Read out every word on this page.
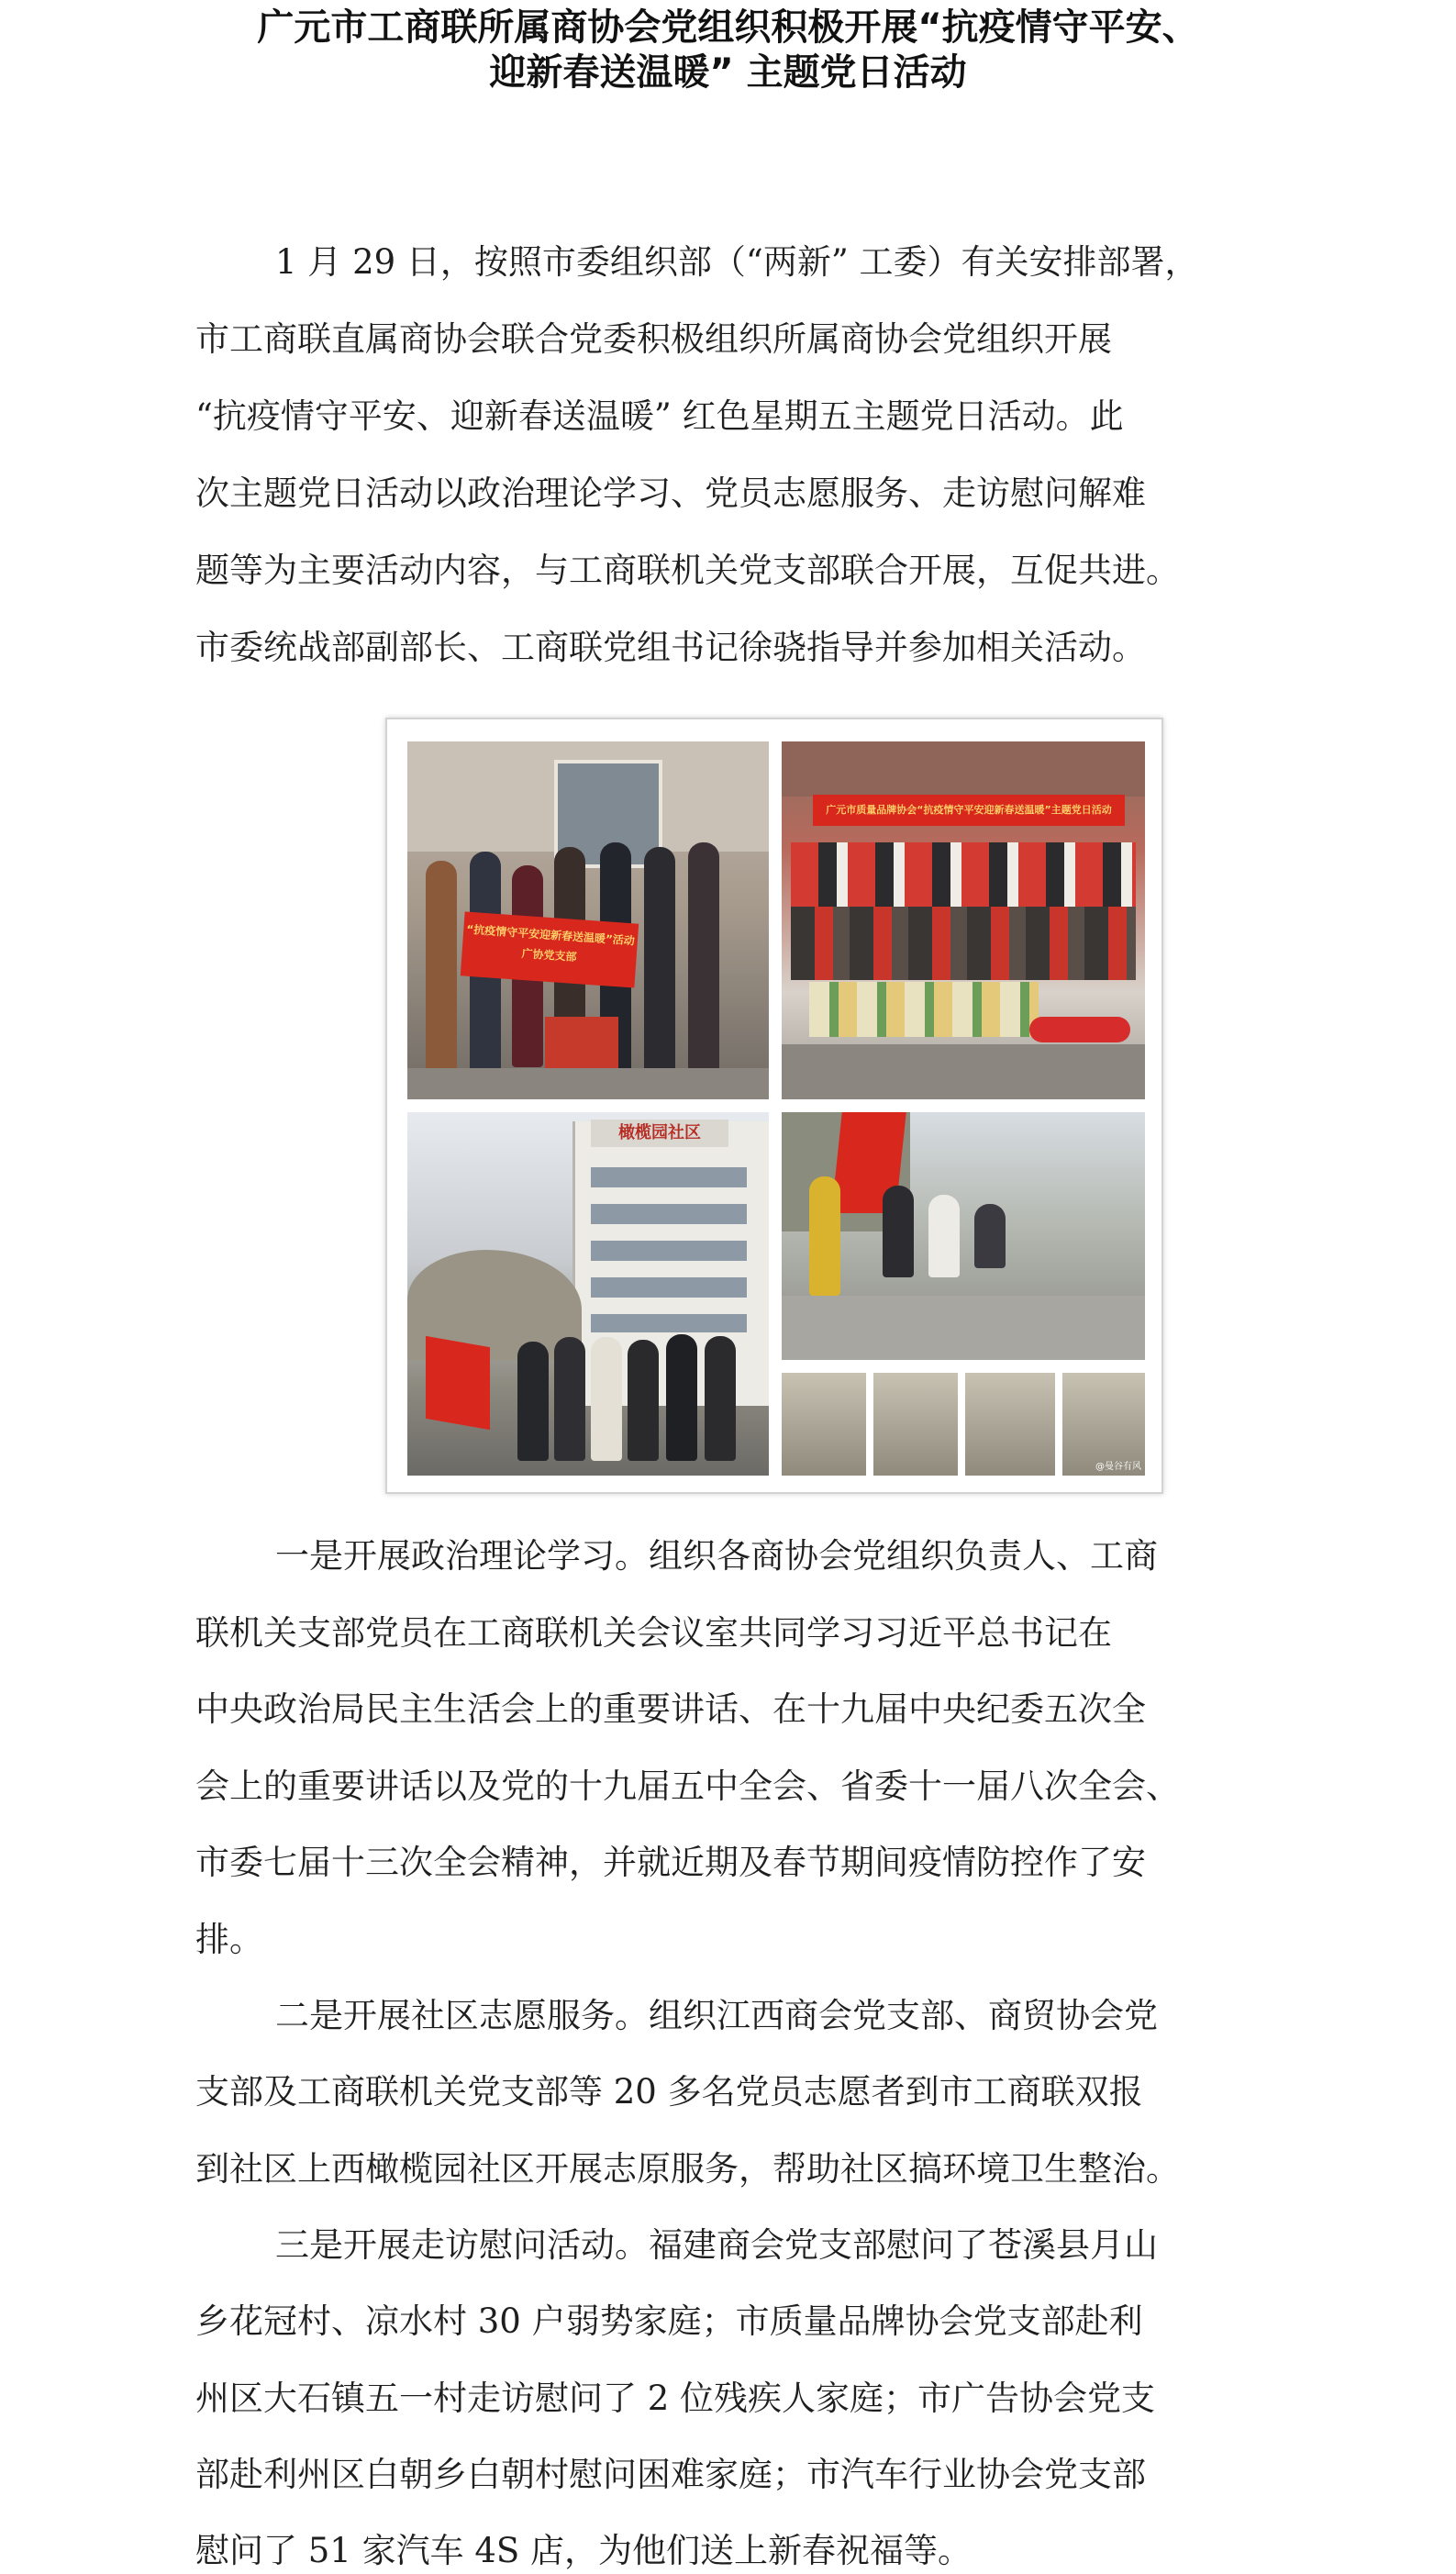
广元市工商联所属商协会党组织积极开展“抗疫情守平安、
迎新春送温暖” 主题党日活动
1 月 29 日，按照市委组织部（“两新” 工委）有关安排部署，
市工商联直属商协会联合党委积极组织所属商协会党组织开展
“抗疫情守平安、迎新春送温暖” 红色星期五主题党日活动。此
次主题党日活动以政治理论学习、党员志愿服务、走访慰问解难
题等为主要活动内容，与工商联机关党支部联合开展，互促共进。
市委统战部副部长、工商联党组书记徐骁指导并参加相关活动。
“抗疫情守平安迎新春送温暖”活动
广协党支部
广元市质量品牌协会“抗疫情守平安迎新春送温暖”主题党日活动
橄榄园社区
@曼谷有风
一是开展政治理论学习。组织各商协会党组织负责人、工商
联机关支部党员在工商联机关会议室共同学习习近平总书记在
中央政治局民主生活会上的重要讲话、在十九届中央纪委五次全
会上的重要讲话以及党的十九届五中全会、省委十一届八次全会、
市委七届十三次全会精神，并就近期及春节期间疫情防控作了安
排。
二是开展社区志愿服务。组织江西商会党支部、商贸协会党
支部及工商联机关党支部等 20 多名党员志愿者到市工商联双报
到社区上西橄榄园社区开展志原服务，帮助社区搞环境卫生整治。
三是开展走访慰问活动。福建商会党支部慰问了苍溪县月山
乡花冠村、凉水村 30 户弱势家庭；市质量品牌协会党支部赴利
州区大石镇五一村走访慰问了 2 位残疾人家庭；市广告协会党支
部赴利州区白朝乡白朝村慰问困难家庭；市汽车行业协会党支部
慰问了 51 家汽车 4S 店，为他们送上新春祝福等。
